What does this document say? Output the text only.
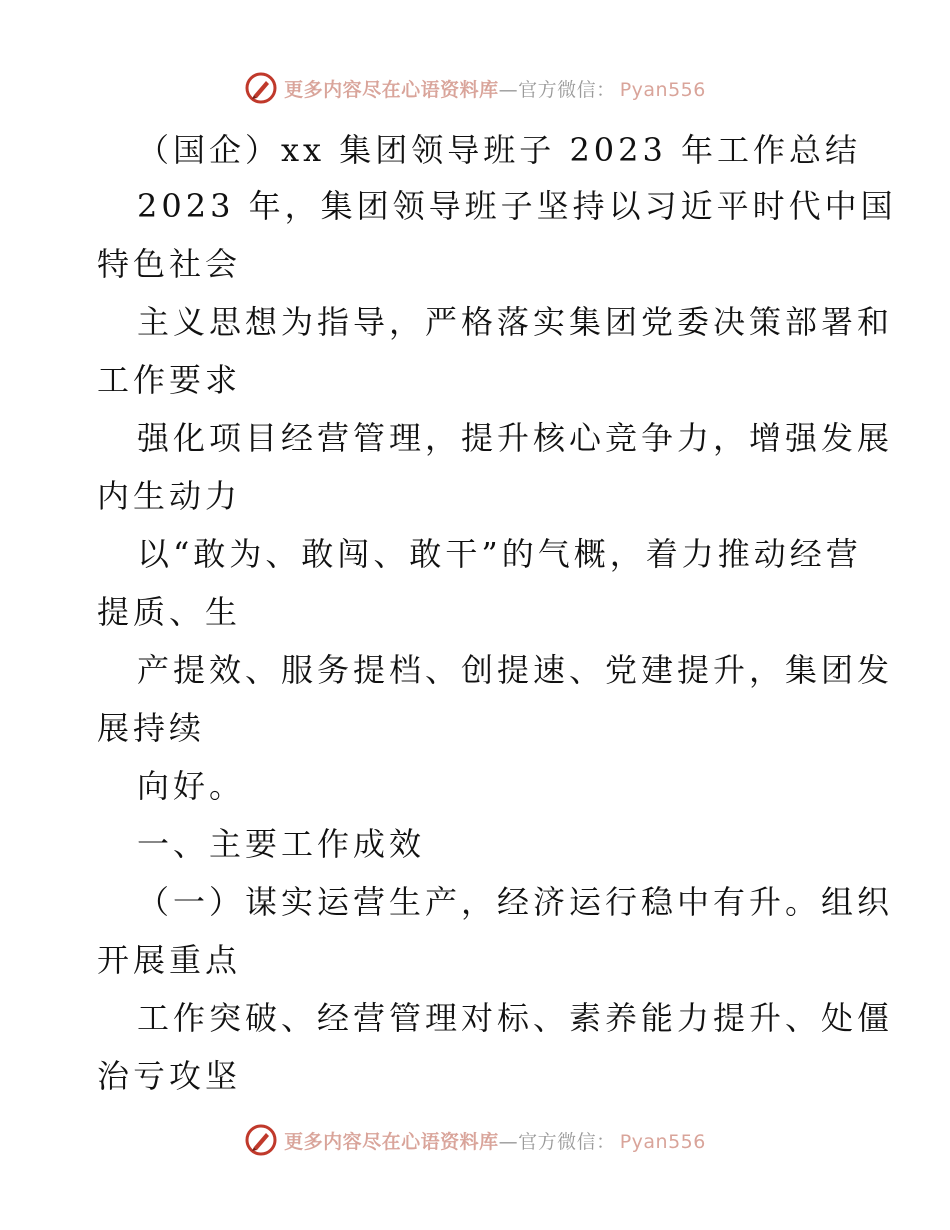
更多内容尽在心语资料库 — 官方微信： Pyan556
（国企）xx 集团领导班子 2023 年工作总结
2023 年，集团领导班子坚持以习近平时代中国
特色社会
主义思想为指导，严格落实集团党委决策部署和
工作要求
强化项目经营管理，提升核心竞争力，增强发展
内生动力
以“敢为、敢闯、敢干”的气概，着力推动经营
提质、生
产提效、服务提档、创提速、党建提升，集团发
展持续
向好。
一、主要工作成效
（一）谋实运营生产，经济运行稳中有升。组织
开展重点
工作突破、经营管理对标、素养能力提升、处僵
治亏攻坚
更多内容尽在心语资料库 — 官方微信： Pyan556
